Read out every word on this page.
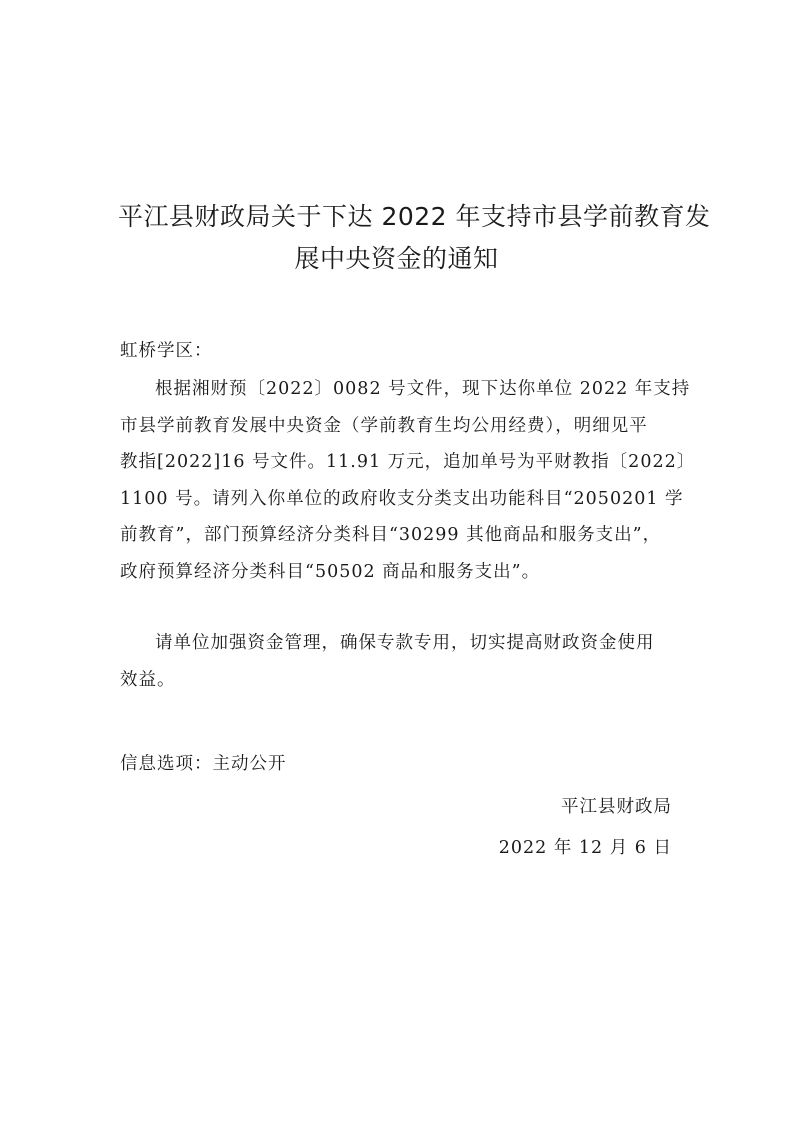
平江县财政局关于下达 2022 年支持市县学前教育发
展中央资金的通知
虹桥学区：
根据湘财预〔2022〕0082 号文件，现下达你单位 2022 年支持
市县学前教育发展中央资金（学前教育生均公用经费），明细见平
教指[2022]16 号文件。11.91 万元，追加单号为平财教指〔2022〕
1100 号。请列入你单位的政府收支分类支出功能科目“2050201 学
前教育”，部门预算经济分类科目“30299 其他商品和服务支出”，
政府预算经济分类科目“50502 商品和服务支出”。
请单位加强资金管理，确保专款专用，切实提高财政资金使用
效益。
信息选项：主动公开
平江县财政局
2022 年 12 月 6 日
